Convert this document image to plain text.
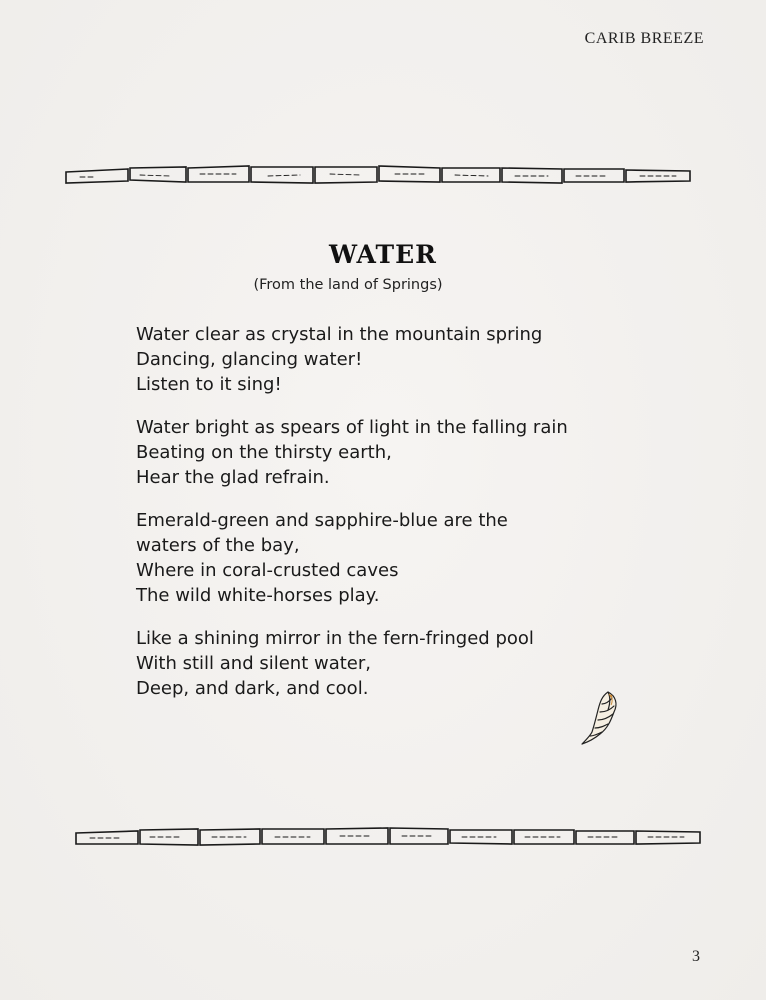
CARIB BREEZE
WATER
(From the land of Springs)
Water clear as crystal in the mountain spring
Dancing, glancing water!
Listen to it sing!
Water bright as spears of light in the falling rain
Beating on the thirsty earth,
Hear the glad refrain.
Emerald-green and sapphire-blue are the
waters of the bay,
Where in coral-crusted caves
The wild white-horses play.
Like a shining mirror in the fern-fringed pool
With still and silent water,
Deep, and dark, and cool.
3
